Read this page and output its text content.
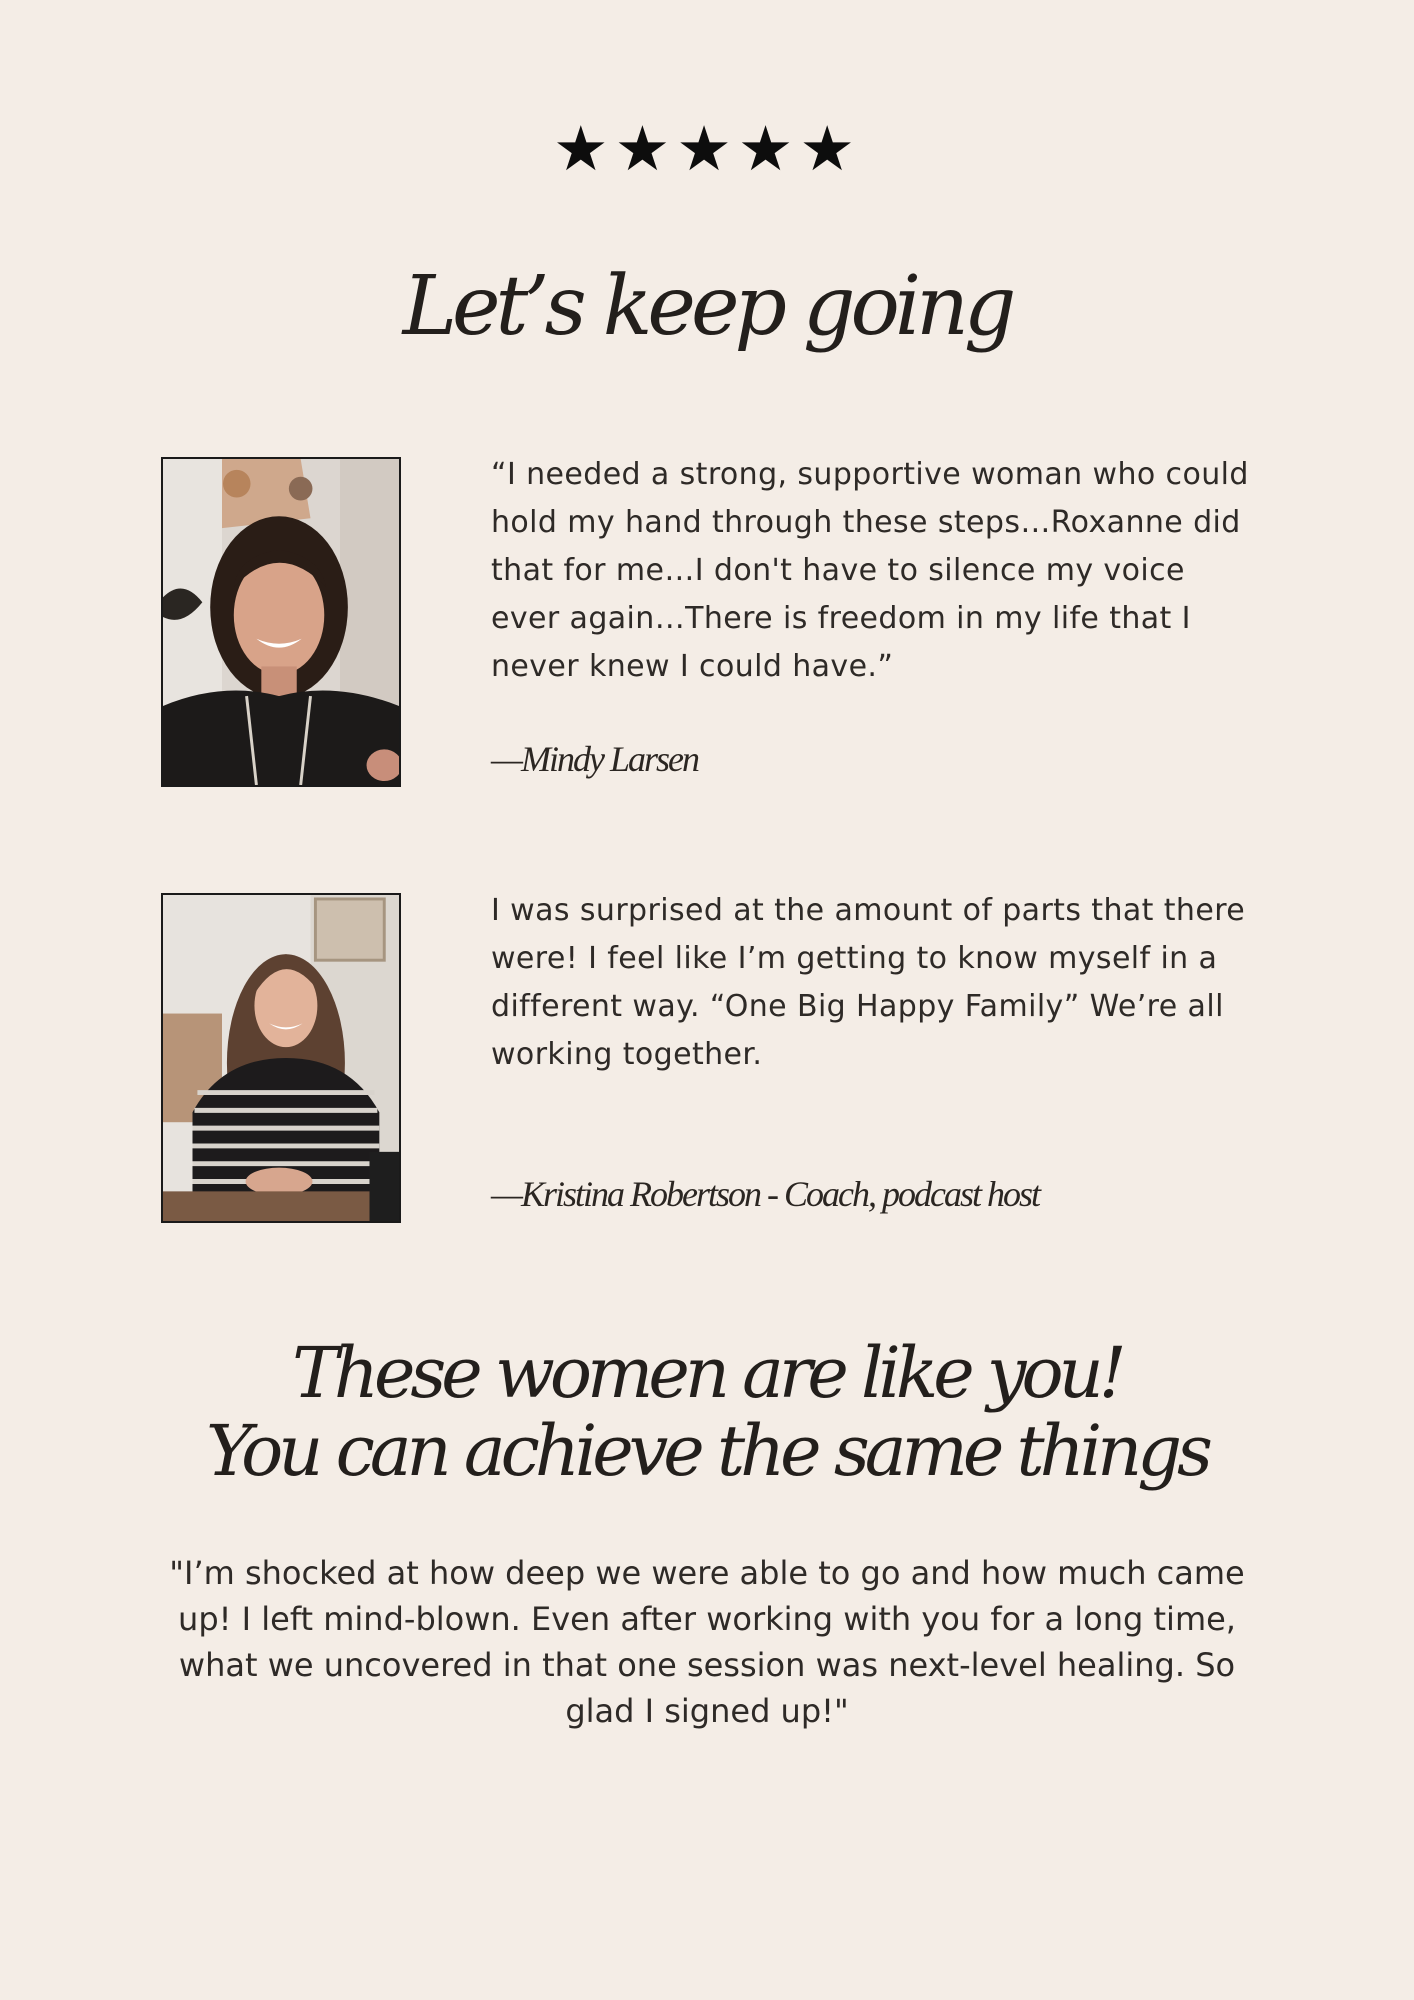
★★★★★
Let’s keep going
“I needed a strong, supportive woman who could hold my hand through these steps…Roxanne did that for me…I don't have to silence my voice ever again…There is freedom in my life that I never knew I could have.”
—Mindy Larsen
I was surprised at the amount of parts that there were! I feel like I’m getting to know myself in a different way. “One Big Happy Family” We’re all working together.
—Kristina Robertson - Coach, podcast host
These women are like you!
You can achieve the same things
"I’m shocked at how deep we were able to go and how much came up! I left mind-blown. Even after working with you for a long time, what we uncovered in that one session was next-level healing. So glad I signed up!"
